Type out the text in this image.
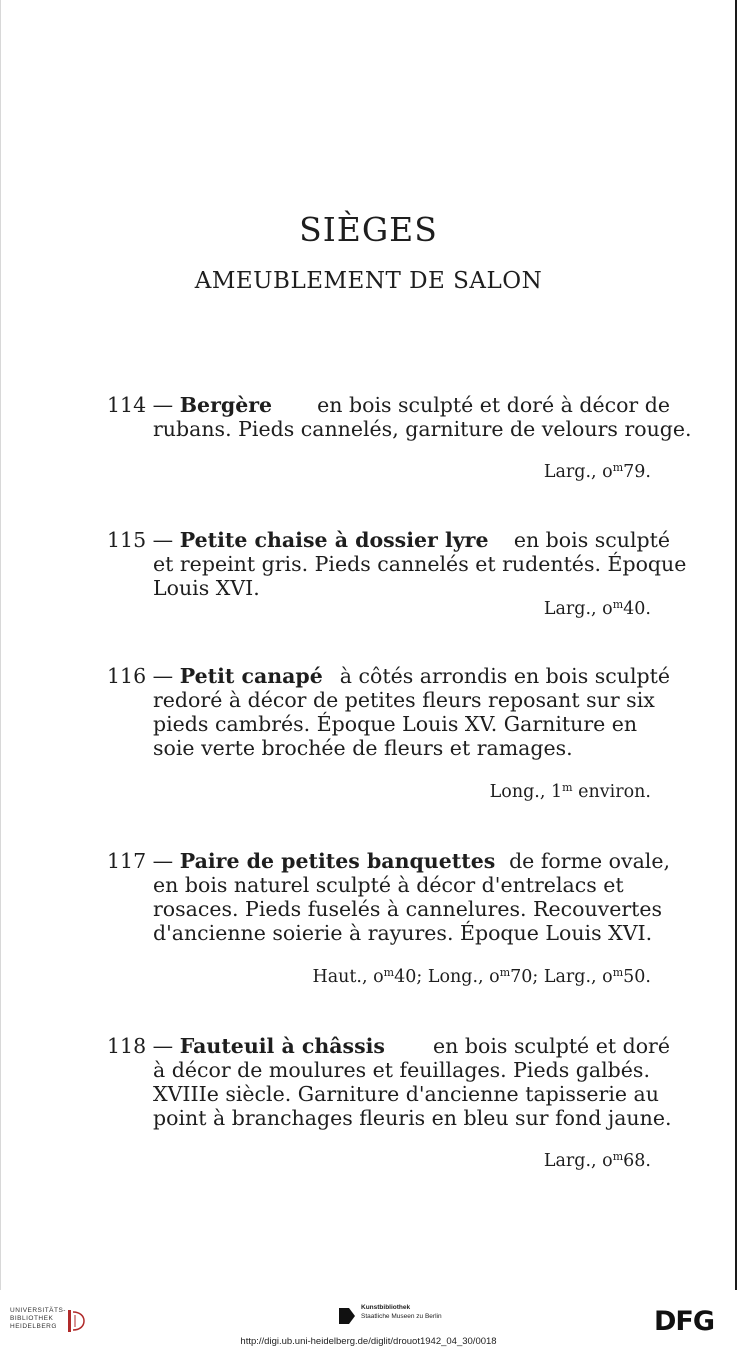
SIÈGES
AMEUBLEMENT DE SALON
114 — Bergère en bois sculpté et doré à décor de
rubans. Pieds cannelés, garniture de velours rouge.
Larg., $o^m79$.
115 — Petite chaise à dossier lyre en bois sculpté
et repeint gris. Pieds cannelés et rudentés. Époque
Louis XVI.
Larg., $o^m40$.
116 — Petit canapé à côtés arrondis en bois sculpté
redoré à décor de petites fleurs reposant sur six
pieds cambrés. Époque Louis XV. Garniture en
soie verte brochée de fleurs et ramages.
Long., 1$^m$ environ.
117 — Paire de petites banquettes de forme ovale,
en bois naturel sculpté à décor d'entrelacs et
rosaces. Pieds fuselés à cannelures. Recouvertes
d'ancienne soierie à rayures. Époque Louis XVI.
Haut., $o^m40$; Long., $o^m70$; Larg., $o^m50$.
118 — Fauteuil à châssis en bois sculpté et doré
à décor de moulures et feuillages. Pieds galbés.
XVIIIe siècle. Garniture d'ancienne tapisserie au
point à branchages fleuris en bleu sur fond jaune.
Larg., $o^m68$.
UNIVERSITÄTS-
BIBLIOTHEK
HEIDELBERG
Kunstbibliothek
Staatliche Museen zu Berlin	DFG
http://digi.ub.uni-heidelberg.de/diglit/drouot1942_04_30/0018
